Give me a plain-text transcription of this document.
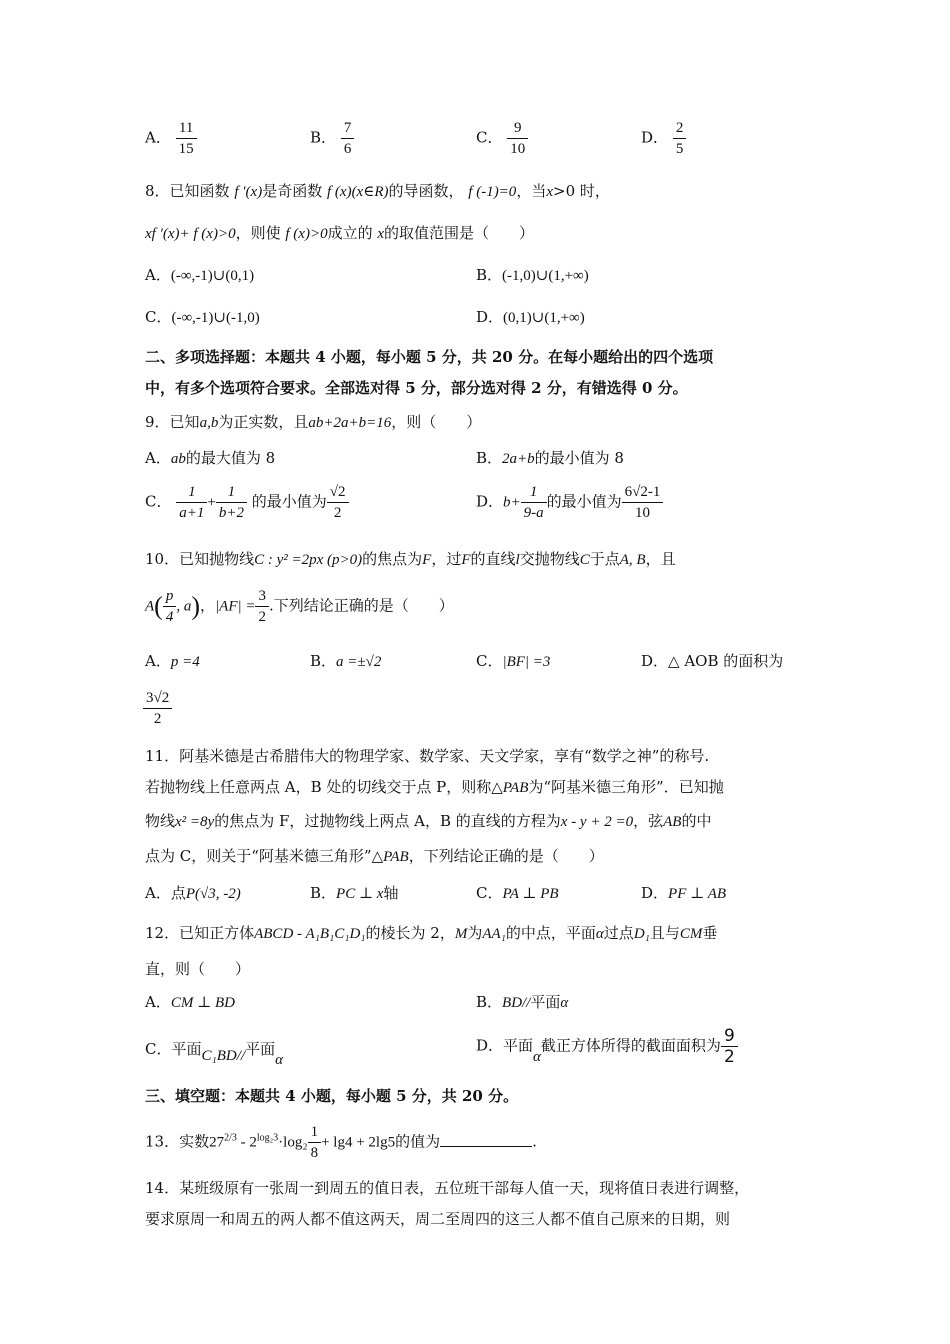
A． $\frac{11}{15}$	B． $\frac{7}{6}$	C． $\frac{9}{10}$	D． $\frac{2}{5}$
8．已知函数 f ′(x)是奇函数 f (x)(x∈R)的导函数， f (-1)=0，当x>0 时，
xf ′(x)+ f (x)>0，则使 f (x)>0成立的 x的取值范围是（　　）
A．(-∞,-1)∪(0,1)	B．(-1,0)∪(1,+∞)
C．(-∞,-1)∪(-1,0)	D．(0,1)∪(1,+∞)
二、多项选择题：本题共 4 小题，每小题 5 分，共 20 分。在每小题给出的四个选项
中，有多个选项符合要求。全部选对得 5 分，部分选对得 2 分，有错选得 0 分。
9．已知a,b为正实数，且ab+2a+b=16，则（　　）
A．ab的最大值为 8	B．2a+b的最小值为 8
C． $\frac{1}{a+1} + \frac{1}{b+2}$ 的最小值为 $\frac{√2}{2}$	D．$b+ \frac{1}{9-a}$ 的最小值为 $\frac{6√2-1}{10}$
10．已知抛物线C : y² =2px (p>0)的焦点为F，过F的直线l交抛物线C于点A, B，且
$A( \frac{p}{4}$ , a)，$|AF| = \frac{3}{2}$ .下列结论正确的是（　　）
A．p =4	B．a =±√2	C．|BF| =3	D．△ AOB 的面积为
$\frac{3√2}{2}$
11．阿基米德是古希腊伟大的物理学家、数学家、天文学家，享有“数学之神”的称号.
若抛物线上任意两点 A，B 处的切线交于点 P，则称△PAB为“阿基米德三角形”．已知抛
物线x² =8y的焦点为 F，过抛物线上两点 A，B 的直线的方程为x - y + 2 =0，弦AB的中
点为 C，则关于“阿基米德三角形”△PAB，下列结论正确的是（　　）
A．点P(√3, -2)	B．PC ⊥ x轴	C．PA ⊥ PB	D．PF ⊥ AB
12．已知正方体ABCD - A₁B₁C₁D₁的棱长为 2，M为AA₁的中点，平面α过点D₁且与CM垂
直，则（　　）
A．CM ⊥ BD	B．BD//平面α
C．平面C₁BD//平面α
D．平面α截正方体所得的截面面积为 $\frac{9}{2}$
三、填空题：本题共 4 小题，每小题 5 分，共 20 分。
13．实数$27^{2/3} - 2^{log_23}\cdot\log_2 \frac{1}{8} + \lg 4 + 2\lg 5$的值为	.
14．某班级原有一张周一到周五的值日表，五位班干部每人值一天，现将值日表进行调整，
要求原周一和周五的两人都不值这两天，周二至周四的这三人都不值自己原来的日期，则
